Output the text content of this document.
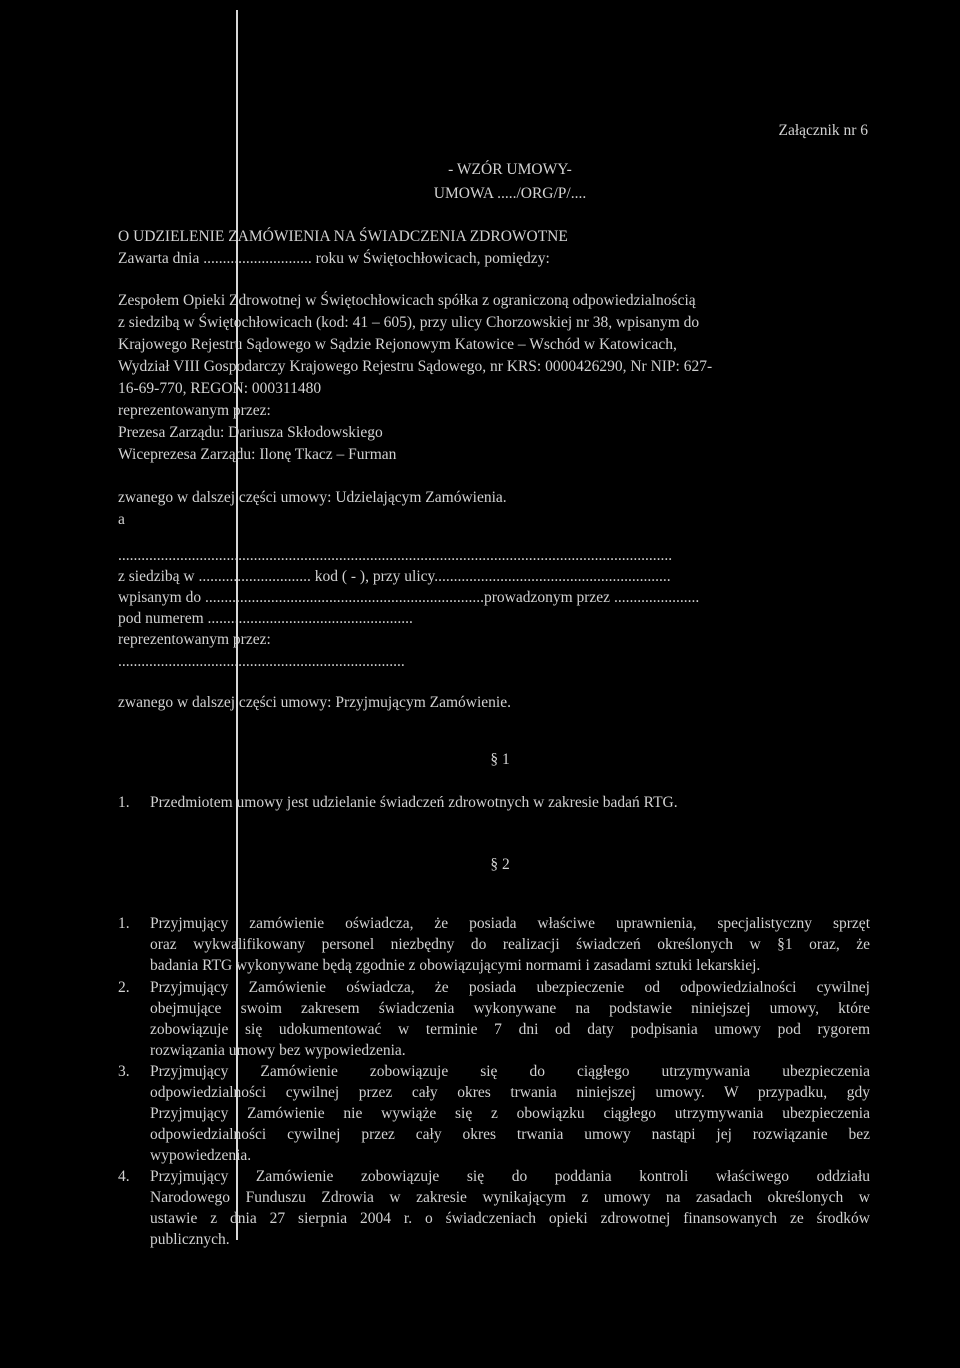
Załącznik nr 6
- WZÓR UMOWY-
UMOWA ...../ORG/P/....
O UDZIELENIE ZAMÓWIENIA NA ŚWIADCZENIA ZDROWOTNE
Zawarta dnia ............................ roku w Świętochłowicach, pomiędzy:
Zespołem Opieki Zdrowotnej w Świętochłowicach spółka z ograniczoną odpowiedzialnością
z siedzibą w Świętochłowicach (kod: 41 – 605), przy ulicy Chorzowskiej nr 38, wpisanym do
Krajowego Rejestru Sądowego w Sądzie Rejonowym Katowice – Wschód w Katowicach,
Wydział VIII Gospodarczy Krajowego Rejestru Sądowego, nr KRS: 0000426290, Nr NIP: 627-
16-69-770, REGON: 000311480
reprezentowanym przez:
Prezesa Zarządu: Dariusza Skłodowskiego
Wiceprezesa Zarządu: Ilonę Tkacz – Furman
zwanego w dalszej części umowy: Udzielającym Zamówienia.
a
...............................................................................................................................................
z siedzibą w ............................. kod ( - ), przy ulicy.............................................................
wpisanym do ........................................................................prowadzonym przez ......................
pod numerem .....................................................
reprezentowanym przez:
..........................................................................
zwanego w dalszej części umowy: Przyjmującym Zamówienie.
§ 1
1. Przedmiotem umowy jest udzielanie świadczeń zdrowotnych w zakresie badań RTG.
§ 2
1. Przyjmujący zamówienie oświadcza, że posiada właściwe uprawnienia, specjalistyczny sprzęt
oraz wykwalifikowany personel niezbędny do realizacji świadczeń określonych w §1 oraz, że
badania RTG wykonywane będą zgodnie z obowiązującymi normami i zasadami sztuki lekarskiej.
2. Przyjmujący Zamówienie oświadcza, że posiada ubezpieczenie od odpowiedzialności cywilnej
obejmujące swoim zakresem świadczenia wykonywane na podstawie niniejszej umowy, które
zobowiązuje się udokumentować w terminie 7 dni od daty podpisania umowy pod rygorem
rozwiązania umowy bez wypowiedzenia.
3. Przyjmujący Zamówienie zobowiązuje się do ciągłego utrzymywania ubezpieczenia
odpowiedzialności cywilnej przez cały okres trwania niniejszej umowy. W przypadku, gdy
Przyjmujący Zamówienie nie wywiąże się z obowiązku ciągłego utrzymywania ubezpieczenia
odpowiedzialności cywilnej przez cały okres trwania umowy nastąpi jej rozwiązanie bez
wypowiedzenia.
4. Przyjmujący Zamówienie zobowiązuje się do poddania kontroli właściwego oddziału
Narodowego Funduszu Zdrowia w zakresie wynikającym z umowy na zasadach określonych w
ustawie z dnia 27 sierpnia 2004 r. o świadczeniach opieki zdrowotnej finansowanych ze środków
publicznych.
